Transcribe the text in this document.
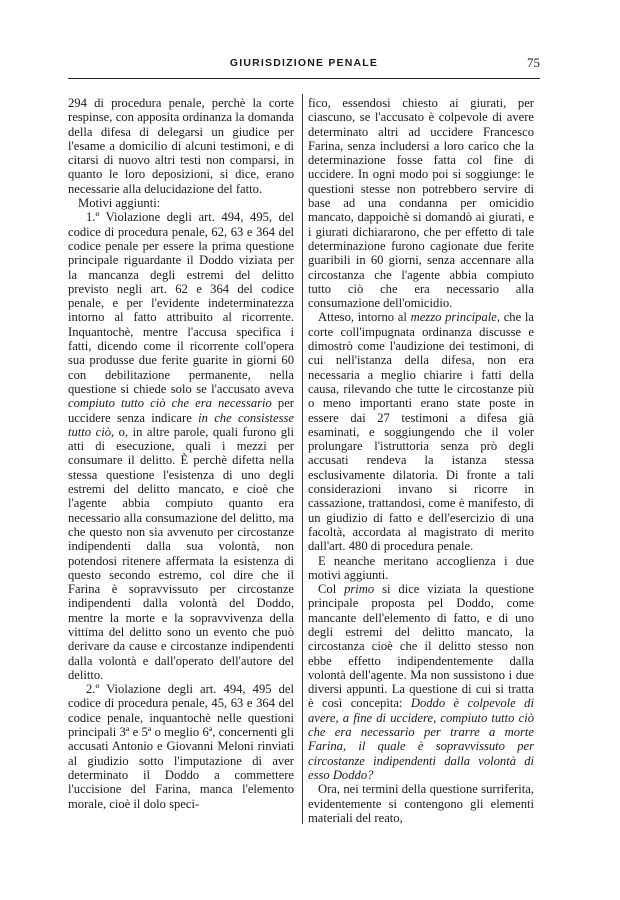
GIURISDIZIONE PENALE	75

294 di procedura penale, perchè la corte respinse, con apposita ordinanza la domanda della difesa di delegarsi un giudice per l'esame a domicilio di alcuni testimoni, e di citarsi di nuovo altri testi non comparsi, in quanto le loro deposizioni, si dice, erano necessarie alla delucidazione del fatto.

Motivi aggiunti:

1.º Violazione degli art. 494, 495, del codice di procedura penale, 62, 63 e 364 del codice penale per essere la prima questione principale riguardante il Doddo viziata per la mancanza degli estremi del delitto previsto negli art. 62 e 364 del codice penale, e per l'evidente indeterminatezza intorno al fatto attribuito al ricorrente. Inquantochè, mentre l'accusa specifica i fatti, dicendo come il ricorrente coll'opera sua produsse due ferite guarite in giorni 60 con debilitazione permanente, nella questione si chiede solo se l'accusato aveva compiuto tutto ciò che era necessario per uccidere senza indicare in che consistesse tutto ciò, o, in altre parole, quali furono gli atti di esecuzione, quali i mezzi per consumare il delitto. È perchè difetta nella stessa questione l'esistenza di uno degli estremi del delitto mancato, e cioè che l'agente abbia compiuto quanto era necessario alla consumazione del delitto, ma che questo non sia avvenuto per circostanze indipendenti dalla sua volontà, non potendosi ritenere affermata la esistenza di questo secondo estremo, col dire che il Farina è sopravvissuto per circostanze indipendenti dalla volontà del Doddo, mentre la morte e la sopravvivenza della vittima del delitto sono un evento che può derivare da cause e circostanze indipendenti dalla volontà e dall'operato dell'autore del delitto.

2.º Violazione degli art. 494, 495 del codice di procedura penale, 45, 63 e 364 del codice penale, inquantochè nelle questioni principali 3ª e 5ª o meglio 6ª, concernenti gli accusati Antonio e Giovanni Meloni rinviati al giudizio sotto l'imputazione di aver determinato il Doddo a commettere l'uccisione del Farina, manca l'elemento morale, cioè il dolo speci-

fico, essendosi chiesto ai giurati, per ciascuno, se l'accusato è colpevole di avere determinato altri ad uccidere Francesco Farina, senza includersi a loro carico che la determinazione fosse fatta col fine di uccidere. In ogni modo poi si soggiunge: le questioni stesse non potrebbero servire di base ad una condanna per omicidio mancato, dappoichè si domandò ai giurati, e i giurati dichiararono, che per effetto di tale determinazione furono cagionate due ferite guaribili in 60 giorni, senza accennare alla circostanza che l'agente abbia compiuto tutto ciò che era necessario alla consumazione dell'omicidio.

Atteso, intorno al mezzo principale, che la corte coll'impugnata ordinanza discusse e dimostrò come l'audizione dei testimoni, di cui nell'istanza della difesa, non era necessaria a meglio chiarire i fatti della causa, rilevando che tutte le circostanze più o meno importanti erano state poste in essere dai 27 testimoni a difesa già esaminati, e soggiungendo che il voler prolungare l'istruttoria senza prò degli accusati rendeva la istanza stessa esclusivamente dilatoria. Di fronte a tali considerazioni invano si ricorre in cassazione, trattandosi, come è manifesto, di un giudizio di fatto e dell'esercizio di una facoltà, accordata al magistrato di merito dall'art. 480 di procedura penale.

E neanche meritano accoglienza i due motivi aggiunti.

Col primo si dice viziata la questione principale proposta pel Doddo, come mancante dell'elemento di fatto, e di uno degli estremi del delitto mancato, la circostanza cioè che il delitto stesso non ebbe effetto indipendentemente dalla volontà dell'agente. Ma non sussistono i due diversi appunti. La questione di cui si tratta è così concepita: Doddo è colpevole di avere, a fine di uccidere, compiuto tutto ciò che era necessario per trarre a morte Farina, il quale è sopravvissuto per circostanze indipendenti dalla volontà di esso Doddo?

Ora, nei termini della questione surriferita, evidentemente si contengono gli elementi materiali del reato,
